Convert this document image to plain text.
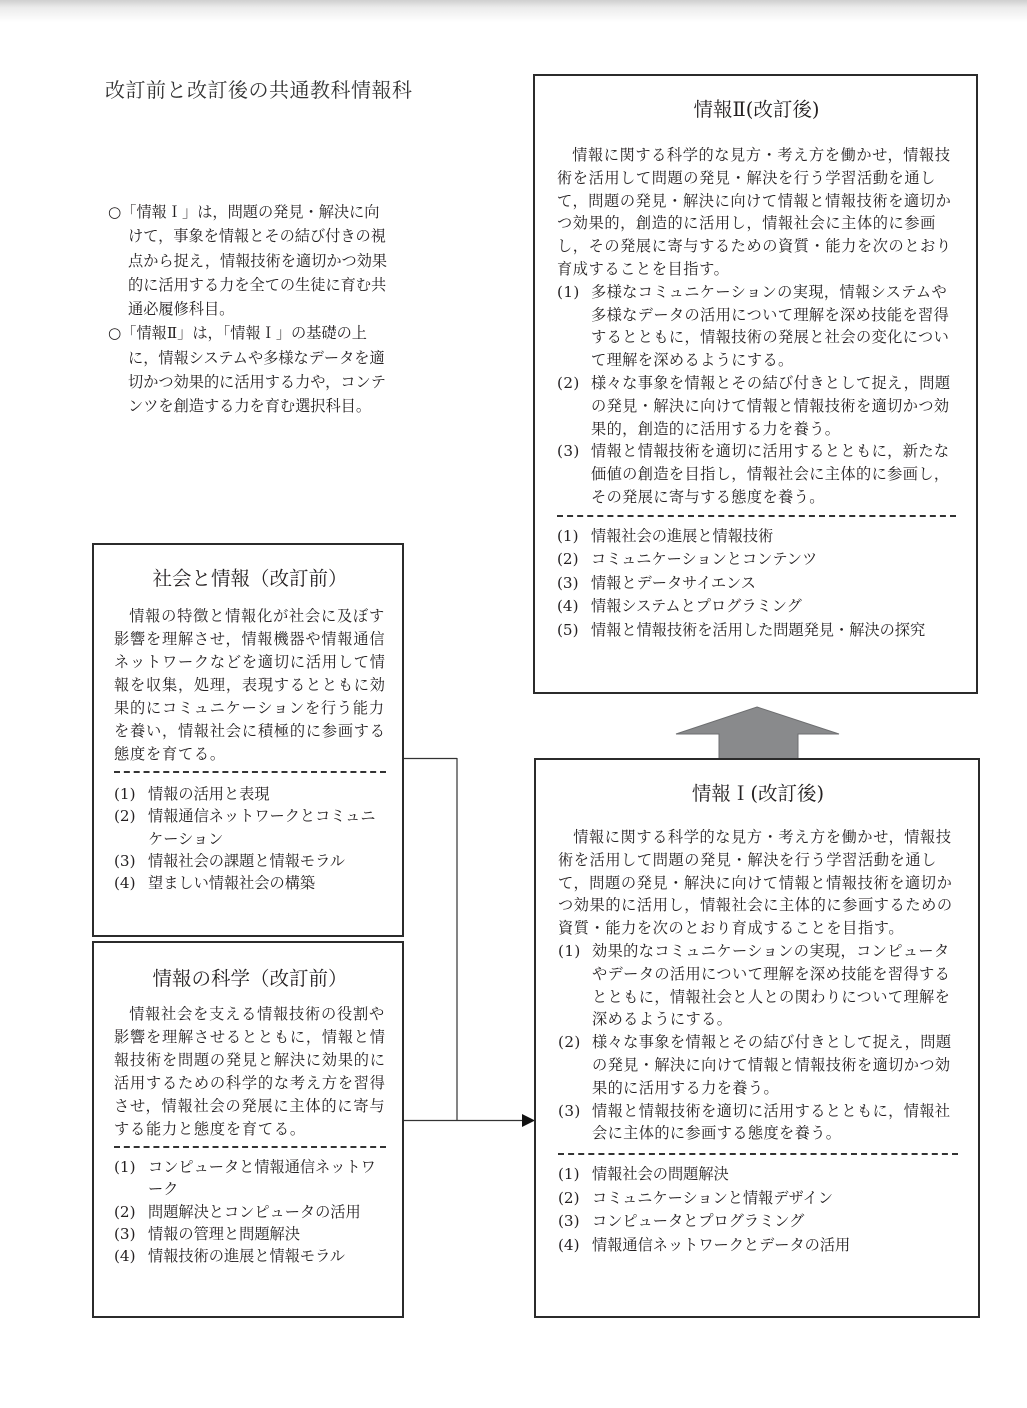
改訂前と改訂後の共通教科情報科

○「情報Ｉ」は，問題の発見・解決に向けて，事象を情報とその結び付きの視点から捉え，情報技術を適切かつ効果的に活用する力を全ての生徒に育む共通必履修科目。

○「情報Ⅱ」は，「情報Ｉ」の基礎の上に，情報システムや多様なデータを適切かつ効果的に活用する力や，コンテンツを創造する力を育む選択科目。

情報Ⅱ(改訂後)

情報に関する科学的な見方・考え方を働かせ，情報技術を活用して問題の発見・解決を行う学習活動を通して，問題の発見・解決に向けて情報と情報技術を適切かつ効果的，創造的に活用し，情報社会に主体的に参画し，その発展に寄与するための資質・能力を次のとおり育成することを目指す。

(1) 多様なコミュニケーションの実現，情報システムや多様なデータの活用について理解を深め技能を習得するとともに，情報技術の発展と社会の変化について理解を深めるようにする。
(2) 様々な事象を情報とその結び付きとして捉え，問題の発見・解決に向けて情報と情報技術を適切かつ効果的，創造的に活用する力を養う。
(3) 情報と情報技術を適切に活用するとともに，新たな価値の創造を目指し，情報社会に主体的に参画し，その発展に寄与する態度を養う。
(1) 情報社会の進展と情報技術
(2) コミュニケーションとコンテンツ
(3) 情報とデータサイエンス
(4) 情報システムとプログラミング
(5) 情報と情報技術を活用した問題発見・解決の探究

社会と情報（改訂前）

情報の特徴と情報化が社会に及ぼす影響を理解させ，情報機器や情報通信ネットワークなどを適切に活用して情報を収集，処理，表現するとともに効果的にコミュニケーションを行う能力を養い，情報社会に積極的に参画する態度を育てる。

(1) 情報の活用と表現
(2) 情報通信ネットワークとコミュニケーション
(3) 情報社会の課題と情報モラル
(4) 望ましい情報社会の構築

情報の科学（改訂前）

情報社会を支える情報技術の役割や影響を理解させるとともに，情報と情報技術を問題の発見と解決に効果的に活用するための科学的な考え方を習得させ，情報社会の発展に主体的に寄与する能力と態度を育てる。

(1) コンピュータと情報通信ネットワーク
(2) 問題解決とコンピュータの活用
(3) 情報の管理と問題解決
(4) 情報技術の進展と情報モラル

情報Ｉ(改訂後)

情報に関する科学的な見方・考え方を働かせ，情報技術を活用して問題の発見・解決を行う学習活動を通して，問題の発見・解決に向けて情報と情報技術を適切かつ効果的に活用し，情報社会に主体的に参画するための資質・能力を次のとおり育成することを目指す。

(1) 効果的なコミュニケーションの実現，コンピュータやデータの活用について理解を深め技能を習得するとともに，情報社会と人との関わりについて理解を深めるようにする。
(2) 様々な事象を情報とその結び付きとして捉え，問題の発見・解決に向けて情報と情報技術を適切かつ効果的に活用する力を養う。
(3) 情報と情報技術を適切に活用するとともに，情報社会に主体的に参画する態度を養う。
(1) 情報社会の問題解決
(2) コミュニケーションと情報デザイン
(3) コンピュータとプログラミング
(4) 情報通信ネットワークとデータの活用
